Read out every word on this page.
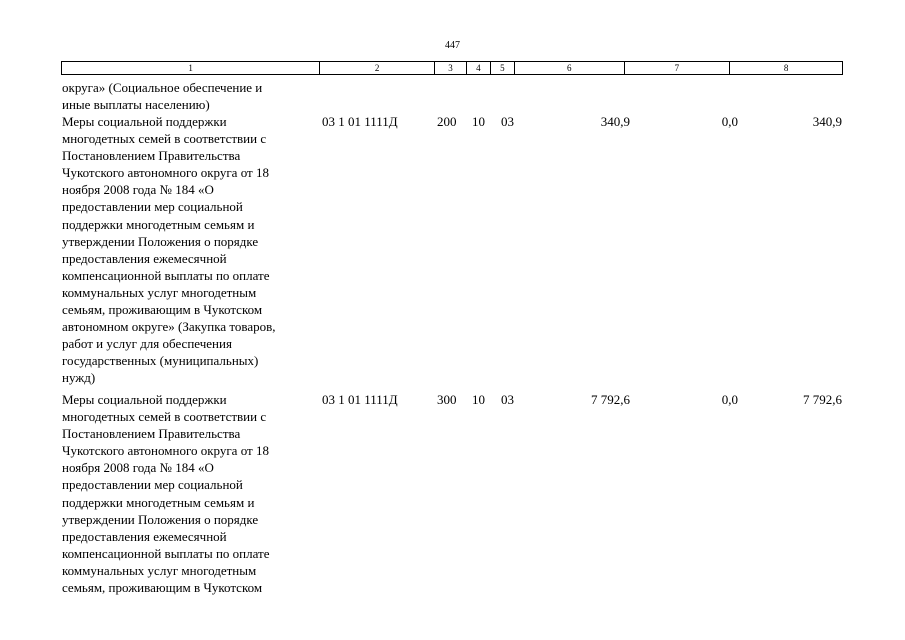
447
1	2	3	4	5	6	7	8
округа» (Социальное обеспечение и
иные выплаты населению)
Меры социальной поддержки
многодетных семей в соответствии с
Постановлением Правительства
Чукотского автономного округа от 18
ноября 2008 года № 184 «О
предоставлении мер социальной
поддержки многодетным семьям и
утверждении Положения о порядке
предоставления ежемесячной
компенсационной выплаты по оплате
коммунальных услуг многодетным
семьям, проживающим в Чукотском
автономном округе» (Закупка товаров,
работ и услуг для обеспечения
государственных (муниципальных)
нужд)
03 1 01 1111Д	200 10 03	340,9	0,0	340,9
Меры социальной поддержки
многодетных семей в соответствии с
Постановлением Правительства
Чукотского автономного округа от 18
ноября 2008 года № 184 «О
предоставлении мер социальной
поддержки многодетным семьям и
утверждении Положения о порядке
предоставления ежемесячной
компенсационной выплаты по оплате
коммунальных услуг многодетным
семьям, проживающим в Чукотском
03 1 01 1111Д	300 10 03	7 792,6	0,0	7 792,6
